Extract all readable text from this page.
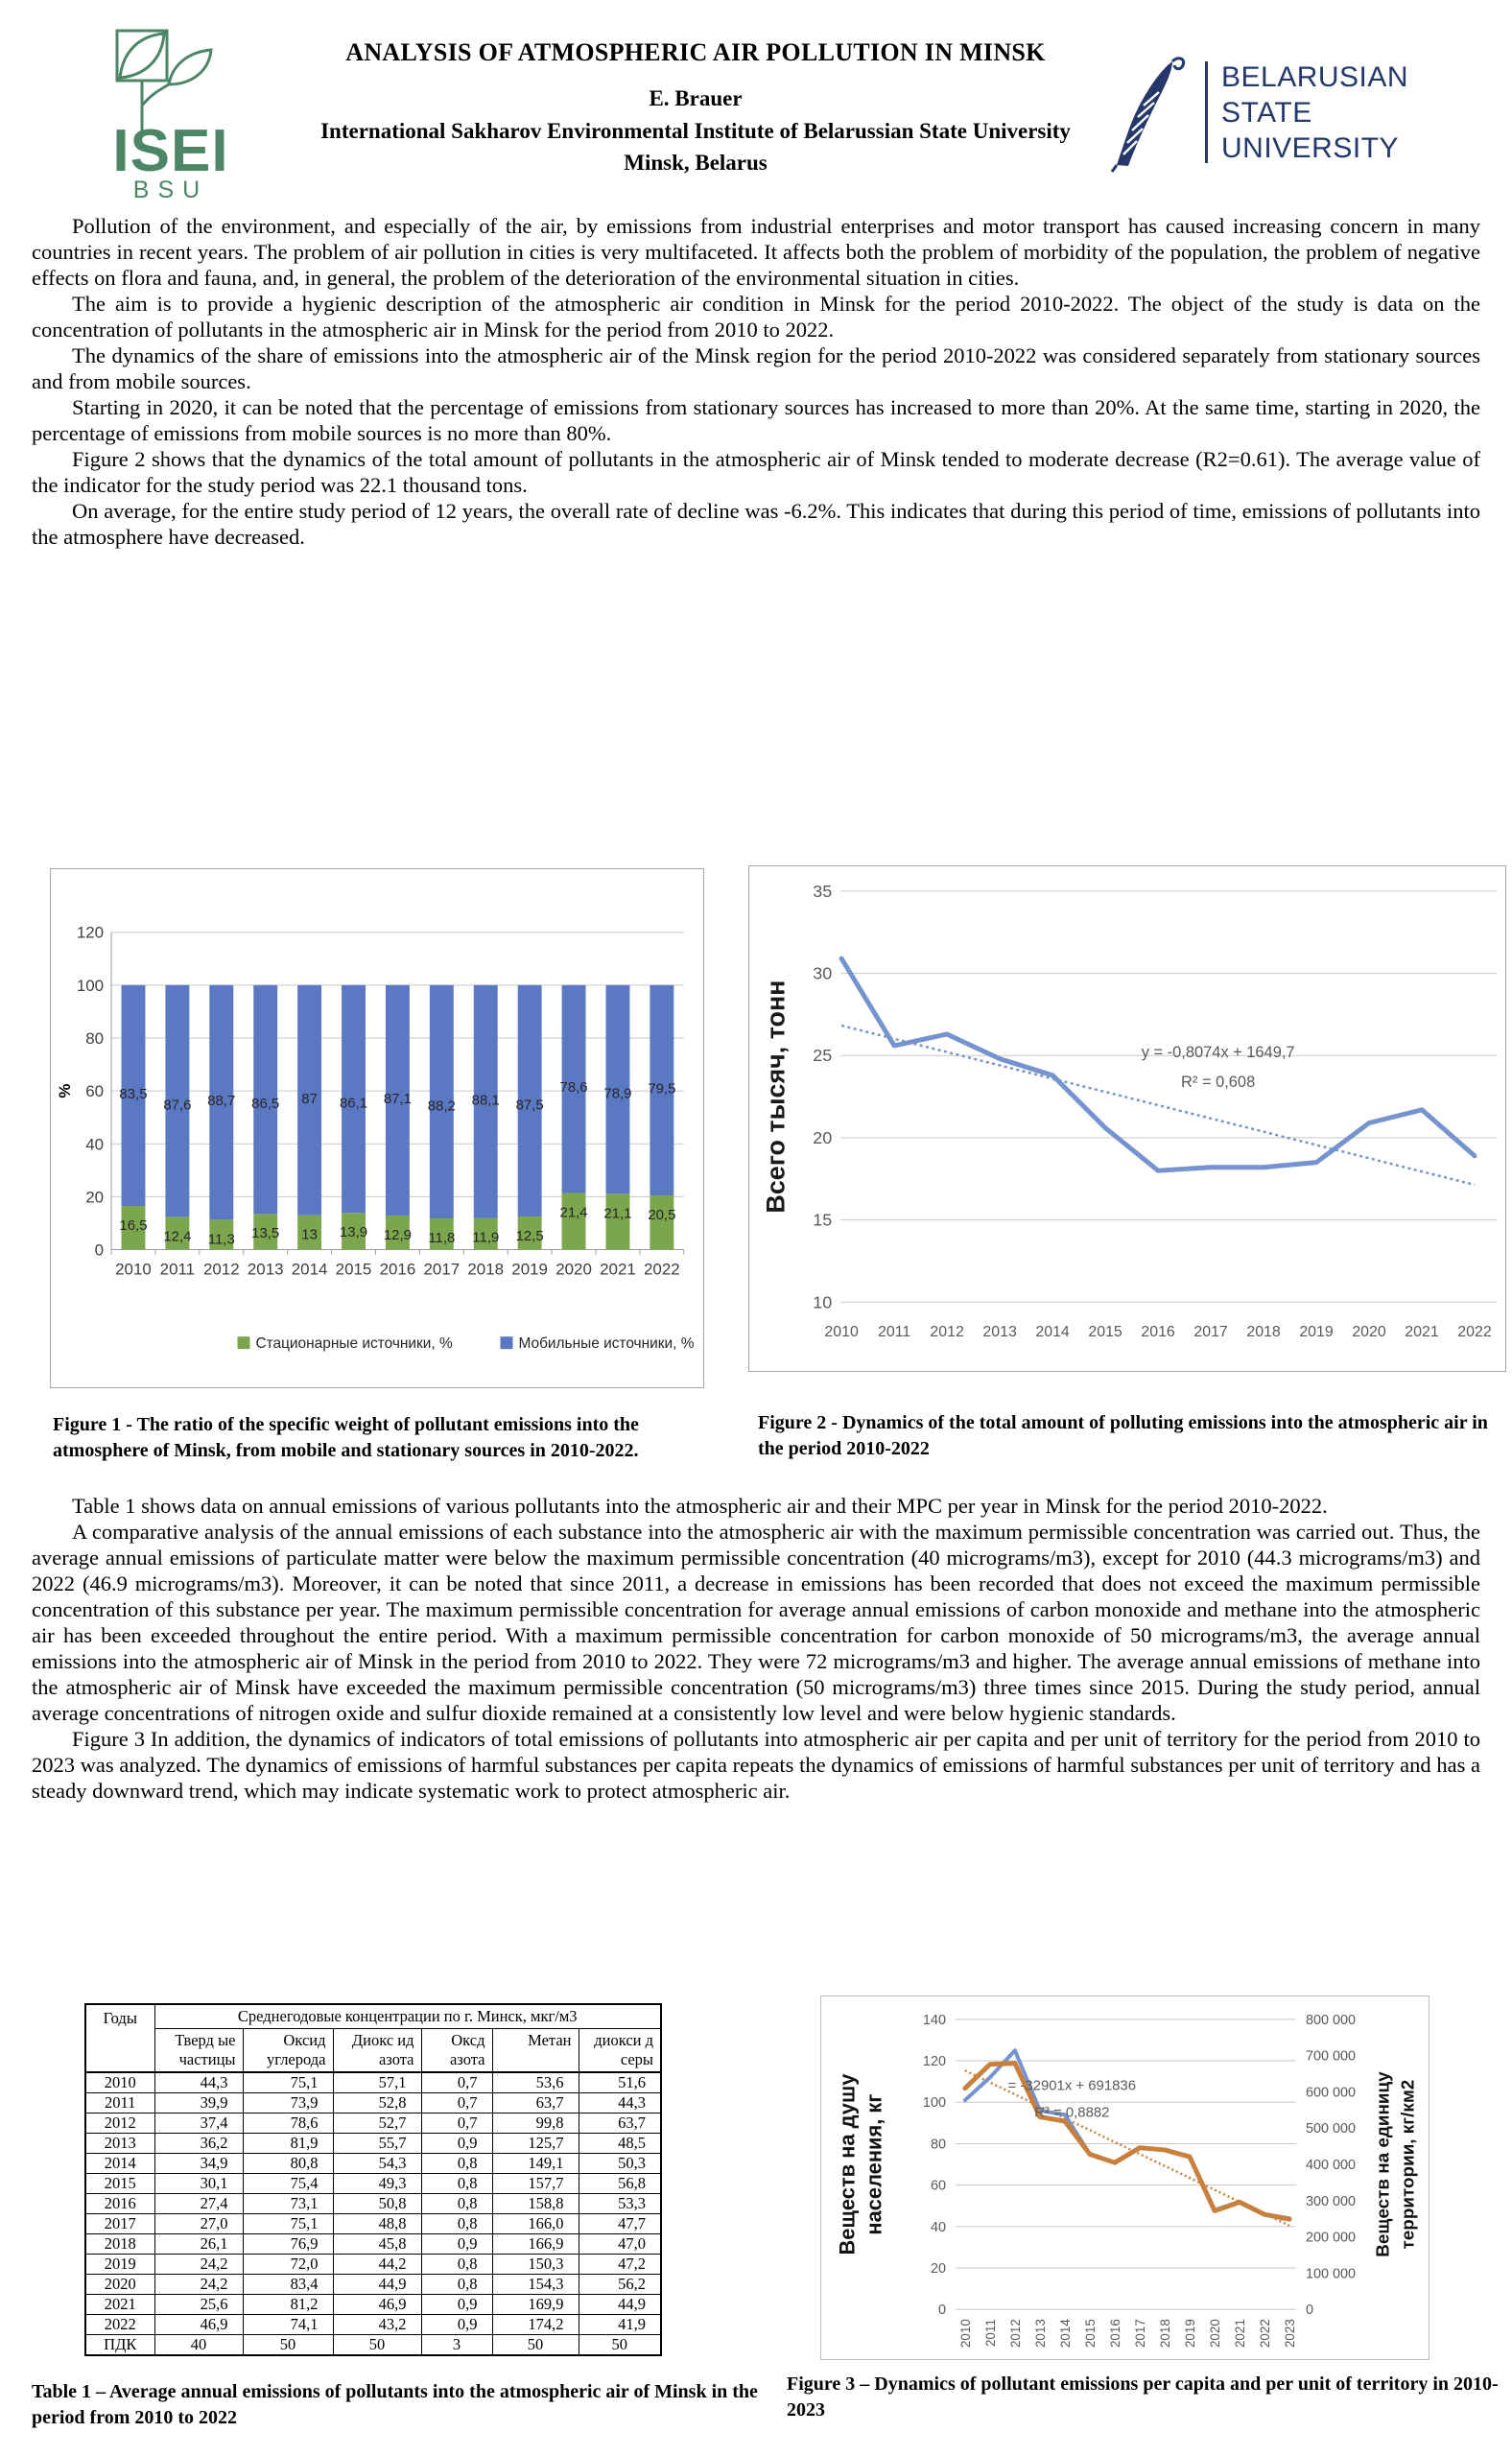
ISEI
BSU
ANALYSIS OF ATMOSPHERIC AIR POLLUTION IN MINSK
E. Brauer
International Sakharov Environmental Institute of Belarussian State University
Minsk, Belarus
BELARUSIAN
STATE
UNIVERSITY

Pollution of the environment, and especially of the air, by emissions from industrial enterprises and motor transport has caused increasing concern in many countries in recent years. The problem of air pollution in cities is very multifaceted. It affects both the problem of morbidity of the population, the problem of negative effects on flora and fauna, and, in general, the problem of the deterioration of the environmental situation in cities.

The aim is to provide a hygienic description of the atmospheric air condition in Minsk for the period 2010-2022. The object of the study is data on the concentration of pollutants in the atmospheric air in Minsk for the period from 2010 to 2022.

The dynamics of the share of emissions into the atmospheric air of the Minsk region for the period 2010-2022 was considered separately from stationary sources and from mobile sources.

Starting in 2020, it can be noted that the percentage of emissions from stationary sources has increased to more than 20%. At the same time, starting in 2020, the percentage of emissions from mobile sources is no more than 80%.

Figure 2 shows that the dynamics of the total amount of pollutants in the atmospheric air of Minsk tended to moderate decrease (R2=0.61). The average value of the indicator for the study period was 22.1 thousand tons.

On average, for the entire study period of 12 years, the overall rate of decline was -6.2%. This indicates that during this period of time, emissions of pollutants into the atmosphere have decreased.

0
20
40
60
80
100
120
16,5
83,5
2010
12,4
87,6
2011
11,3
88,7
2012
13,5
86,5
2013
13
87
2014
13,9
86,1
2015
12,9
87,1
2016
11,8
88,2
2017
11,9
88,1
2018
12,5
87,5
2019
21,4
78,6
2020
21,1
78,9
2021
20,5
79,5
2022
%
Стационарные источники, %	Мобильные источники, %
10
15
20
25
30
35
2010 2011 2012 2013 2014 2015 2016 2017 2018 2019 2020 2021 2022
y = -0,8074x + 1649,7
R² = 0,608
Всего тысяч, тонн
Figure 1 - The ratio of the specific weight of pollutant emissions into the atmosphere of Minsk, from mobile and stationary sources in 2010-2022.
Figure 2 - Dynamics of the total amount of polluting emissions into the atmospheric air in the period 2010-2022

Table 1 shows data on annual emissions of various pollutants into the atmospheric air and their MPC per year in Minsk for the period 2010-2022.

A comparative analysis of the annual emissions of each substance into the atmospheric air with the maximum permissible concentration was carried out. Thus, the average annual emissions of particulate matter were below the maximum permissible concentration (40 micrograms/m3), except for 2010 (44.3 micrograms/m3) and 2022 (46.9 micrograms/m3). Moreover, it can be noted that since 2011, a decrease in emissions has been recorded that does not exceed the maximum permissible concentration of this substance per year. The maximum permissible concentration for average annual emissions of carbon monoxide and methane into the atmospheric air has been exceeded throughout the entire period. With a maximum permissible concentration for carbon monoxide of 50 micrograms/m3, the average annual emissions into the atmospheric air of Minsk in the period from 2010 to 2022. They were 72 micrograms/m3 and higher. The average annual emissions of methane into the atmospheric air of Minsk have exceeded the maximum permissible concentration (50 micrograms/m3) three times since 2015. During the study period, annual average concentrations of nitrogen oxide and sulfur dioxide remained at a consistently low level and were below hygienic standards.

Figure 3 In addition, the dynamics of indicators of total emissions of pollutants into atmospheric air per capita and per unit of territory for the period from 2010 to 2023 was analyzed. The dynamics of emissions of harmful substances per capita repeats the dynamics of emissions of harmful substances per unit of territory and has a steady downward trend, which may indicate systematic work to protect atmospheric air.

Годы	Среднегодовые концентрации по г. Минск, мкг/м3					
	Тверд ые частицы	Оксид углерода	Диокс ид азота	Оксд азота	Метан	диокси д серы
2010	44,3	75,1	57,1	0,7	53,6	51,6
2011	39,9	73,9	52,8	0,7	63,7	44,3
2012	37,4	78,6	52,7	0,7	99,8	63,7
2013	36,2	81,9	55,7	0,9	125,7	48,5
2014	34,9	80,8	54,3	0,8	149,1	50,3
2015	30,1	75,4	49,3	0,8	157,7	56,8
2016	27,4	73,1	50,8	0,8	158,8	53,3
2017	27,0	75,1	48,8	0,8	166,0	47,7
2018	26,1	76,9	45,8	0,9	166,9	47,0
2019	24,2	72,0	44,2	0,8	150,3	47,2
2020	24,2	83,4	44,9	0,8	154,3	56,2
2021	25,6	81,2	46,9	0,9	169,9	44,9
2022	46,9	74,1	43,2	0,9	174,2	41,9
ПДК	40	50	50	3	50	50
0
20
40
60
80
100
120
140
0
100 000
200 000
300 000
400 000
500 000
600 000
700 000
800 000
2010 2011 2012 2013 2014 2015 2016 2017 2018 2019 2020 2021 2022 2023
= -32901x + 691836
R² = 0,8882
Веществ на душу населения, кг	Веществ на единицу территории, кг/км2
Table 1 – Average annual emissions of pollutants into the atmospheric air of Minsk in the period from 2010 to 2022
Figure 3 – Dynamics of pollutant emissions per capita and per unit of territory in 2010-2023
